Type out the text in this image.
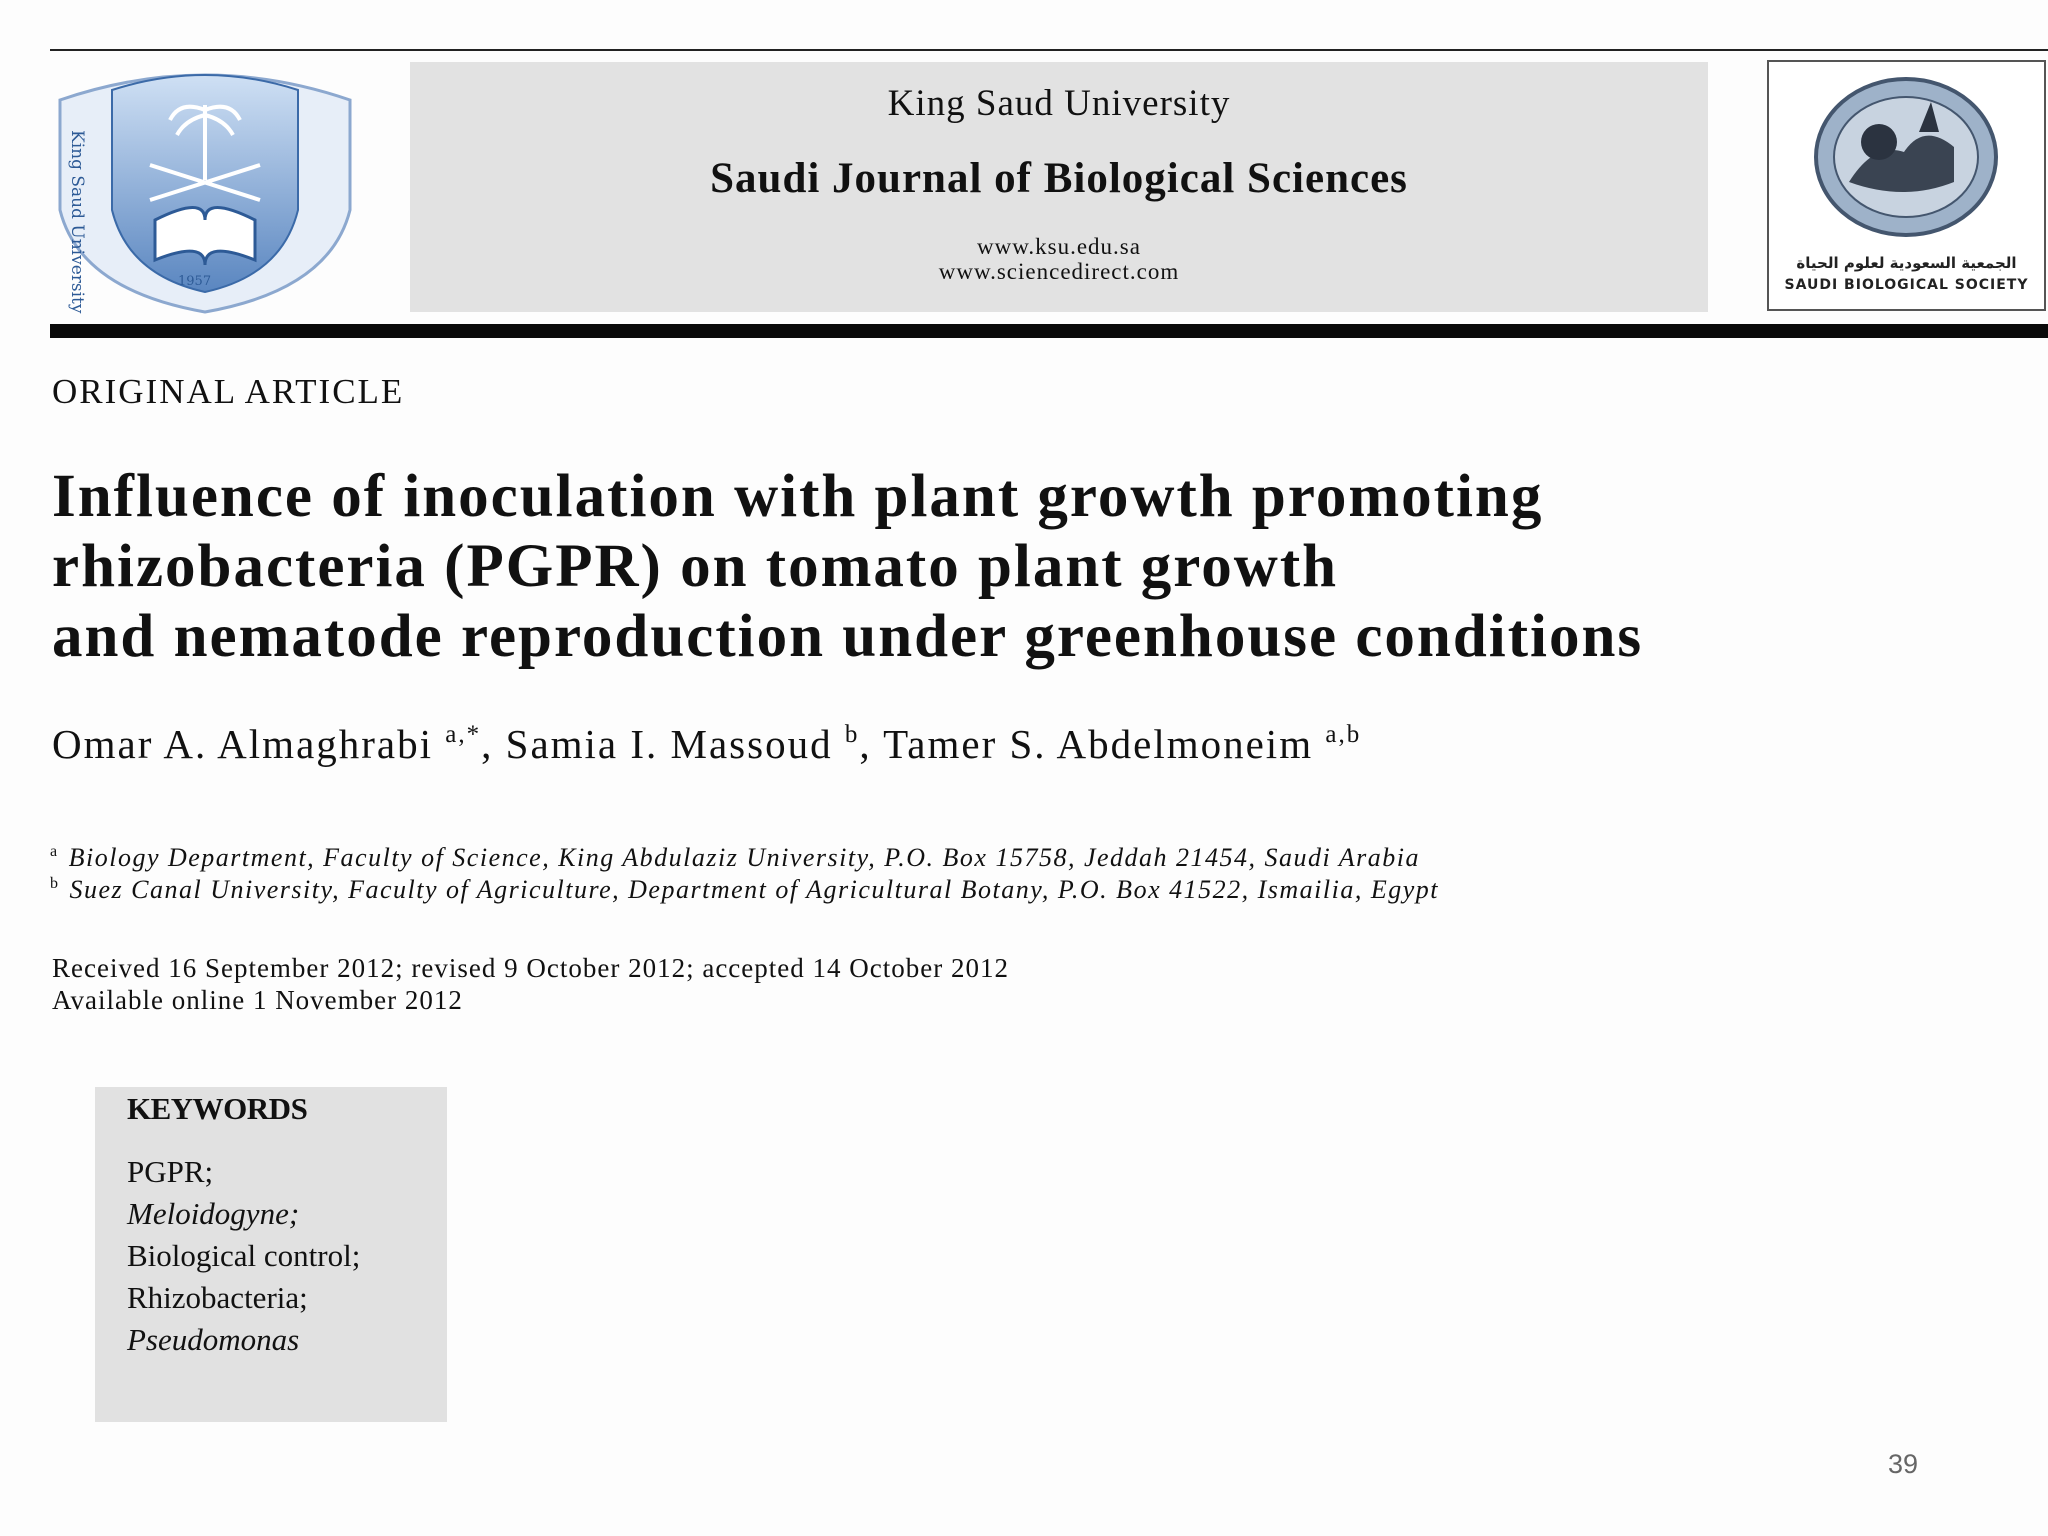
King Saud University	1957
King Saud University
Saudi Journal of Biological Sciences
www.ksu.edu.sa
www.sciencedirect.com	الجمعية السعودية لعلوم الحياة
SAUDI BIOLOGICAL SOCIETY
ORIGINAL ARTICLE
Influence of inoculation with plant growth promoting
rhizobacteria (PGPR) on tomato plant growth
and nematode reproduction under greenhouse conditions
Omar A. Almaghrabi $^{a,*}$, Samia I. Massoud $^b$, Tamer S. Abdelmoneim $^{a,b}$
$^a$ Biology Department, Faculty of Science, King Abdulaziz University, P.O. Box 15758, Jeddah 21454, Saudi Arabia
$^b$ Suez Canal University, Faculty of Agriculture, Department of Agricultural Botany, P.O. Box 41522, Ismailia, Egypt
Received 16 September 2012; revised 9 October 2012; accepted 14 October 2012
Available online 1 November 2012
KEYWORDS
PGPR;
Meloidogyne;
Biological control;
Rhizobacteria;
Pseudomonas
39
